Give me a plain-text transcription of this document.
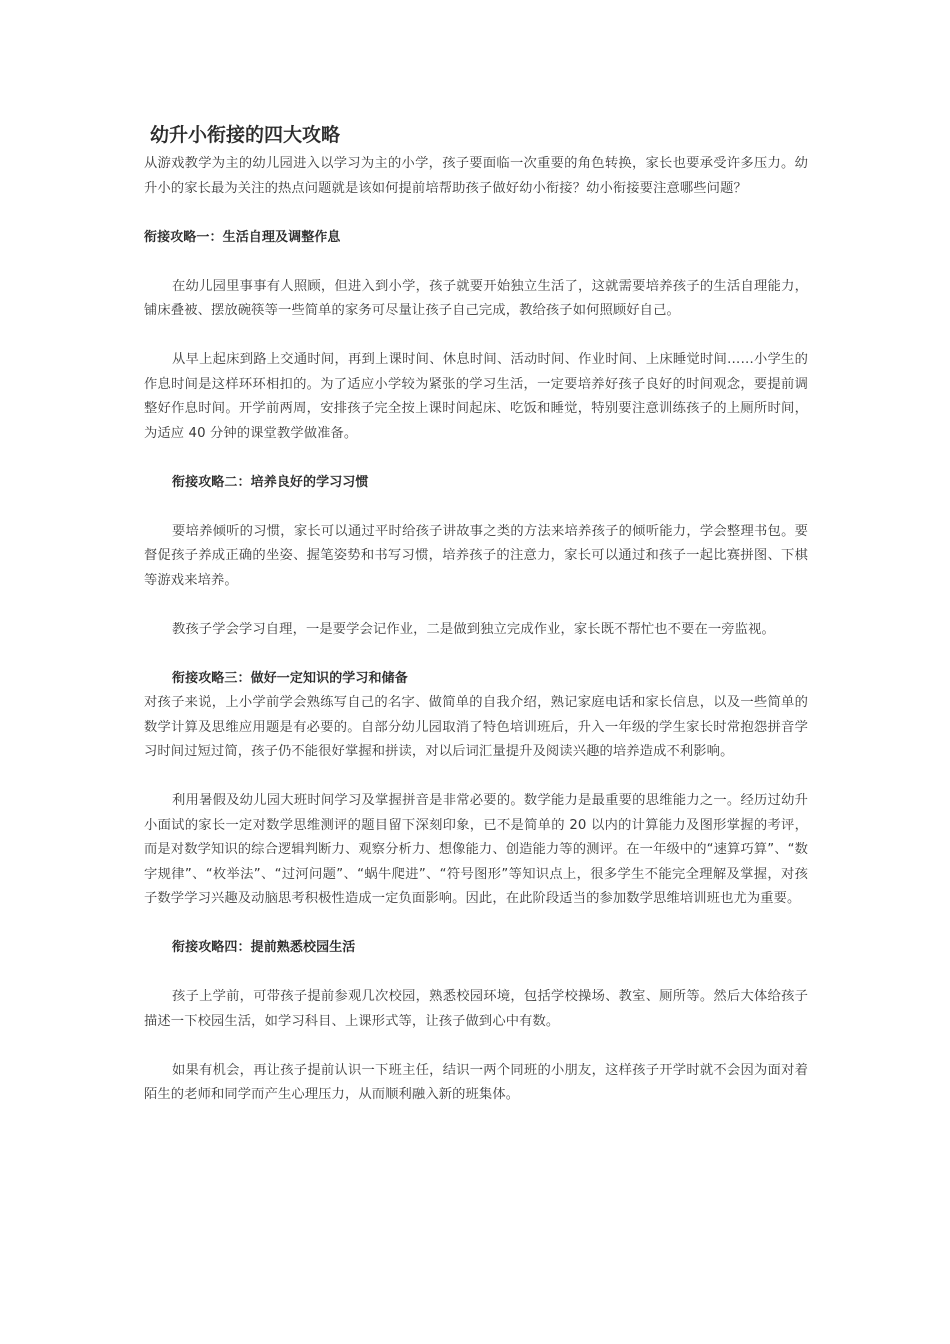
幼升小衔接的四大攻略

从游戏教学为主的幼儿园进入以学习为主的小学，孩子要面临一次重要的角色转换，家长也要承受许多压力。幼升小的家长最为关注的热点问题就是该如何提前培帮助孩子做好幼小衔接？幼小衔接要注意哪些问题？

衔接攻略一：生活自理及调整作息

在幼儿园里事事有人照顾，但进入到小学，孩子就要开始独立生活了，这就需要培养孩子的生活自理能力，铺床叠被、摆放碗筷等一些简单的家务可尽量让孩子自己完成，教给孩子如何照顾好自己。

从早上起床到路上交通时间，再到上课时间、休息时间、活动时间、作业时间、上床睡觉时间……小学生的作息时间是这样环环相扣的。为了适应小学较为紧张的学习生活，一定要培养好孩子良好的时间观念，要提前调整好作息时间。开学前两周，安排孩子完全按上课时间起床、吃饭和睡觉，特别要注意训练孩子的上厕所时间，为适应 40 分钟的课堂教学做准备。

衔接攻略二：培养良好的学习习惯

要培养倾听的习惯，家长可以通过平时给孩子讲故事之类的方法来培养孩子的倾听能力，学会整理书包。要督促孩子养成正确的坐姿、握笔姿势和书写习惯，培养孩子的注意力，家长可以通过和孩子一起比赛拼图、下棋等游戏来培养。

教孩子学会学习自理，一是要学会记作业，二是做到独立完成作业，家长既不帮忙也不要在一旁监视。

衔接攻略三：做好一定知识的学习和储备

对孩子来说，上小学前学会熟练写自己的名字、做简单的自我介绍，熟记家庭电话和家长信息，以及一些简单的数学计算及思维应用题是有必要的。自部分幼儿园取消了特色培训班后，升入一年级的学生家长时常抱怨拼音学习时间过短过简，孩子仍不能很好掌握和拼读，对以后词汇量提升及阅读兴趣的培养造成不利影响。

利用暑假及幼儿园大班时间学习及掌握拼音是非常必要的。数学能力是最重要的思维能力之一。经历过幼升小面试的家长一定对数学思维测评的题目留下深刻印象，已不是简单的 20 以内的计算能力及图形掌握的考评，而是对数学知识的综合逻辑判断力、观察分析力、想像能力、创造能力等的测评。在一年级中的“速算巧算”、“数字规律”、“枚举法”、“过河问题”、“蜗牛爬进”、“符号图形”等知识点上，很多学生不能完全理解及掌握，对孩子数学学习兴趣及动脑思考积极性造成一定负面影响。因此，在此阶段适当的参加数学思维培训班也尤为重要。

衔接攻略四：提前熟悉校园生活

孩子上学前，可带孩子提前参观几次校园，熟悉校园环境，包括学校操场、教室、厕所等。然后大体给孩子描述一下校园生活，如学习科目、上课形式等，让孩子做到心中有数。

如果有机会，再让孩子提前认识一下班主任，结识一两个同班的小朋友，这样孩子开学时就不会因为面对着陌生的老师和同学而产生心理压力，从而顺利融入新的班集体。
